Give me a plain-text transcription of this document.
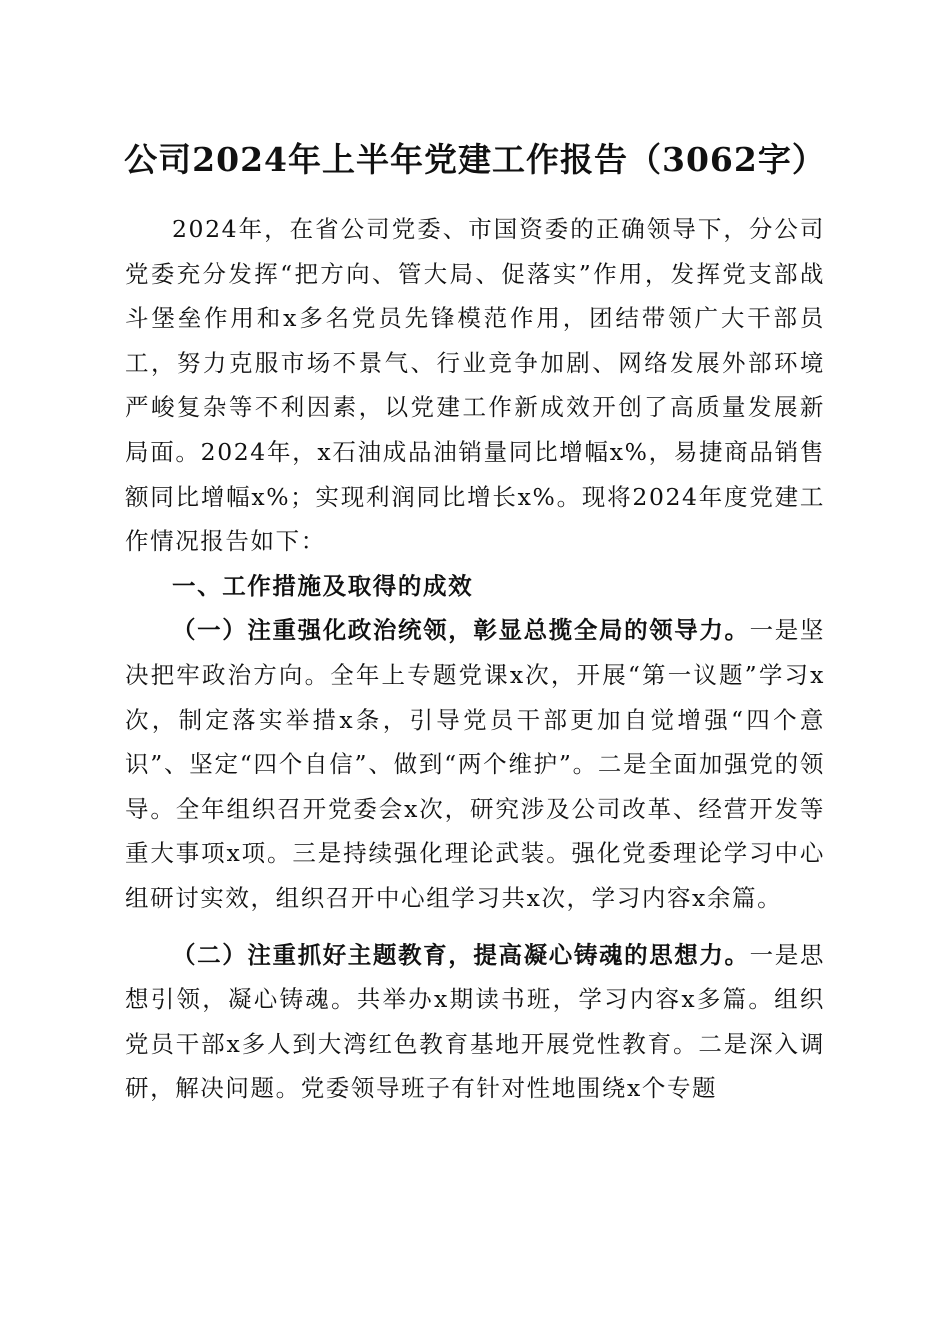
公司2024年上半年党建工作报告（3062字）

2024年，在省公司党委、市国资委的正确领导下，分公司党委充分发挥“把方向、管大局、促落实”作用，发挥党支部战斗堡垒作用和x多名党员先锋模范作用，团结带领广大干部员工，努力克服市场不景气、行业竞争加剧、网络发展外部环境严峻复杂等不利因素，以党建工作新成效开创了高质量发展新局面。2024年，x石油成品油销量同比增幅x%，易捷商品销售额同比增幅x%；实现利润同比增长x%。现将2024年度党建工作情况报告如下：

一、工作措施及取得的成效

（一）注重强化政治统领，彰显总揽全局的领导力。一是坚决把牢政治方向。全年上专题党课x次，开展“第一议题”学习x次，制定落实举措x条，引导党员干部更加自觉增强“四个意识”、坚定“四个自信”、做到“两个维护”。二是全面加强党的领导。全年组织召开党委会x次，研究涉及公司改革、经营开发等重大事项x项。三是持续强化理论武装。强化党委理论学习中心组研讨实效，组织召开中心组学习共x次，学习内容x余篇。

（二）注重抓好主题教育，提高凝心铸魂的思想力。一是思想引领，凝心铸魂。共举办x期读书班，学习内容x多篇。组织党员干部x多人到大湾红色教育基地开展党性教育。二是深入调研，解决问题。党委领导班子有针对性地围绕x个专题
